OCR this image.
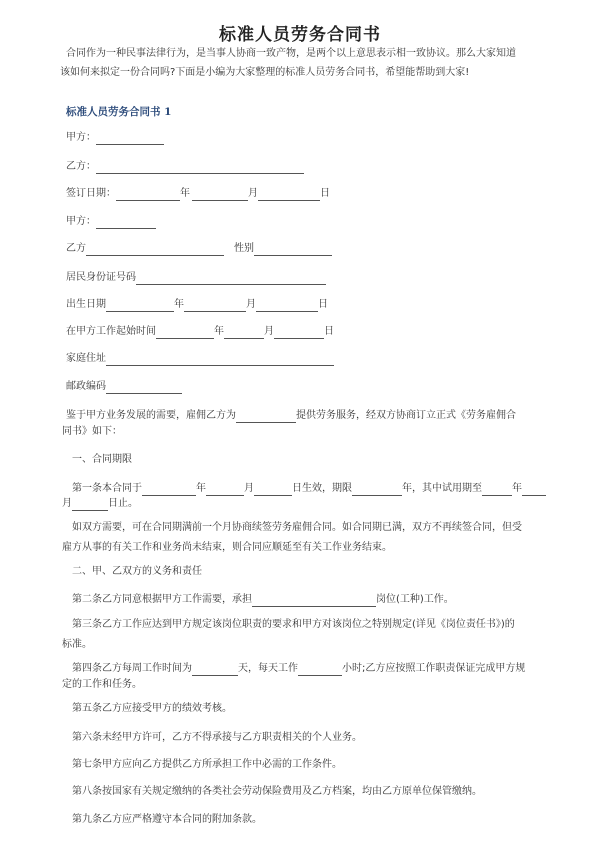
标准人员劳务合同书
合同作为一种民事法律行为，是当事人协商一致产物，是两个以上意思表示相一致协议。那么大家知道
该如何来拟定一份合同吗?下面是小编为大家整理的标准人员劳务合同书，希望能帮助到大家!
标准人员劳务合同书 1
甲方：
乙方：
签订日期：	年	月	日
甲方：
乙方	性别
居民身份证号码
出生日期	年	月	日
在甲方工作起始时间	年	月	日
家庭住址
邮政编码
鉴于甲方业务发展的需要，雇佣乙方为	提供劳务服务，经双方协商订立正式《劳务雇佣合
同书》如下：
一、合同期限
第一条本合同于	年	月	日生效，期限	年，其中试用期至	年
月	日止。
如双方需要，可在合同期满前一个月协商续签劳务雇佣合同。如合同期已满，双方不再续签合同，但受
雇方从事的有关工作和业务尚未结束，则合同应顺延至有关工作业务结束。
二、甲、乙双方的义务和责任
第二条乙方同意根据甲方工作需要，承担	岗位(工种)工作。
第三条乙方工作应达到甲方规定该岗位职责的要求和甲方对该岗位之特别规定(详见《岗位责任书》)的
标准。
第四条乙方每周工作时间为	天，每天工作	小时;乙方应按照工作职责保证完成甲方规
定的工作和任务。
第五条乙方应接受甲方的绩效考核。
第六条未经甲方许可，乙方不得承接与乙方职责相关的个人业务。
第七条甲方应向乙方提供乙方所承担工作中必需的工作条件。
第八条按国家有关规定缴纳的各类社会劳动保险费用及乙方档案，均由乙方原单位保管缴纳。
第九条乙方应严格遵守本合同的附加条款。
